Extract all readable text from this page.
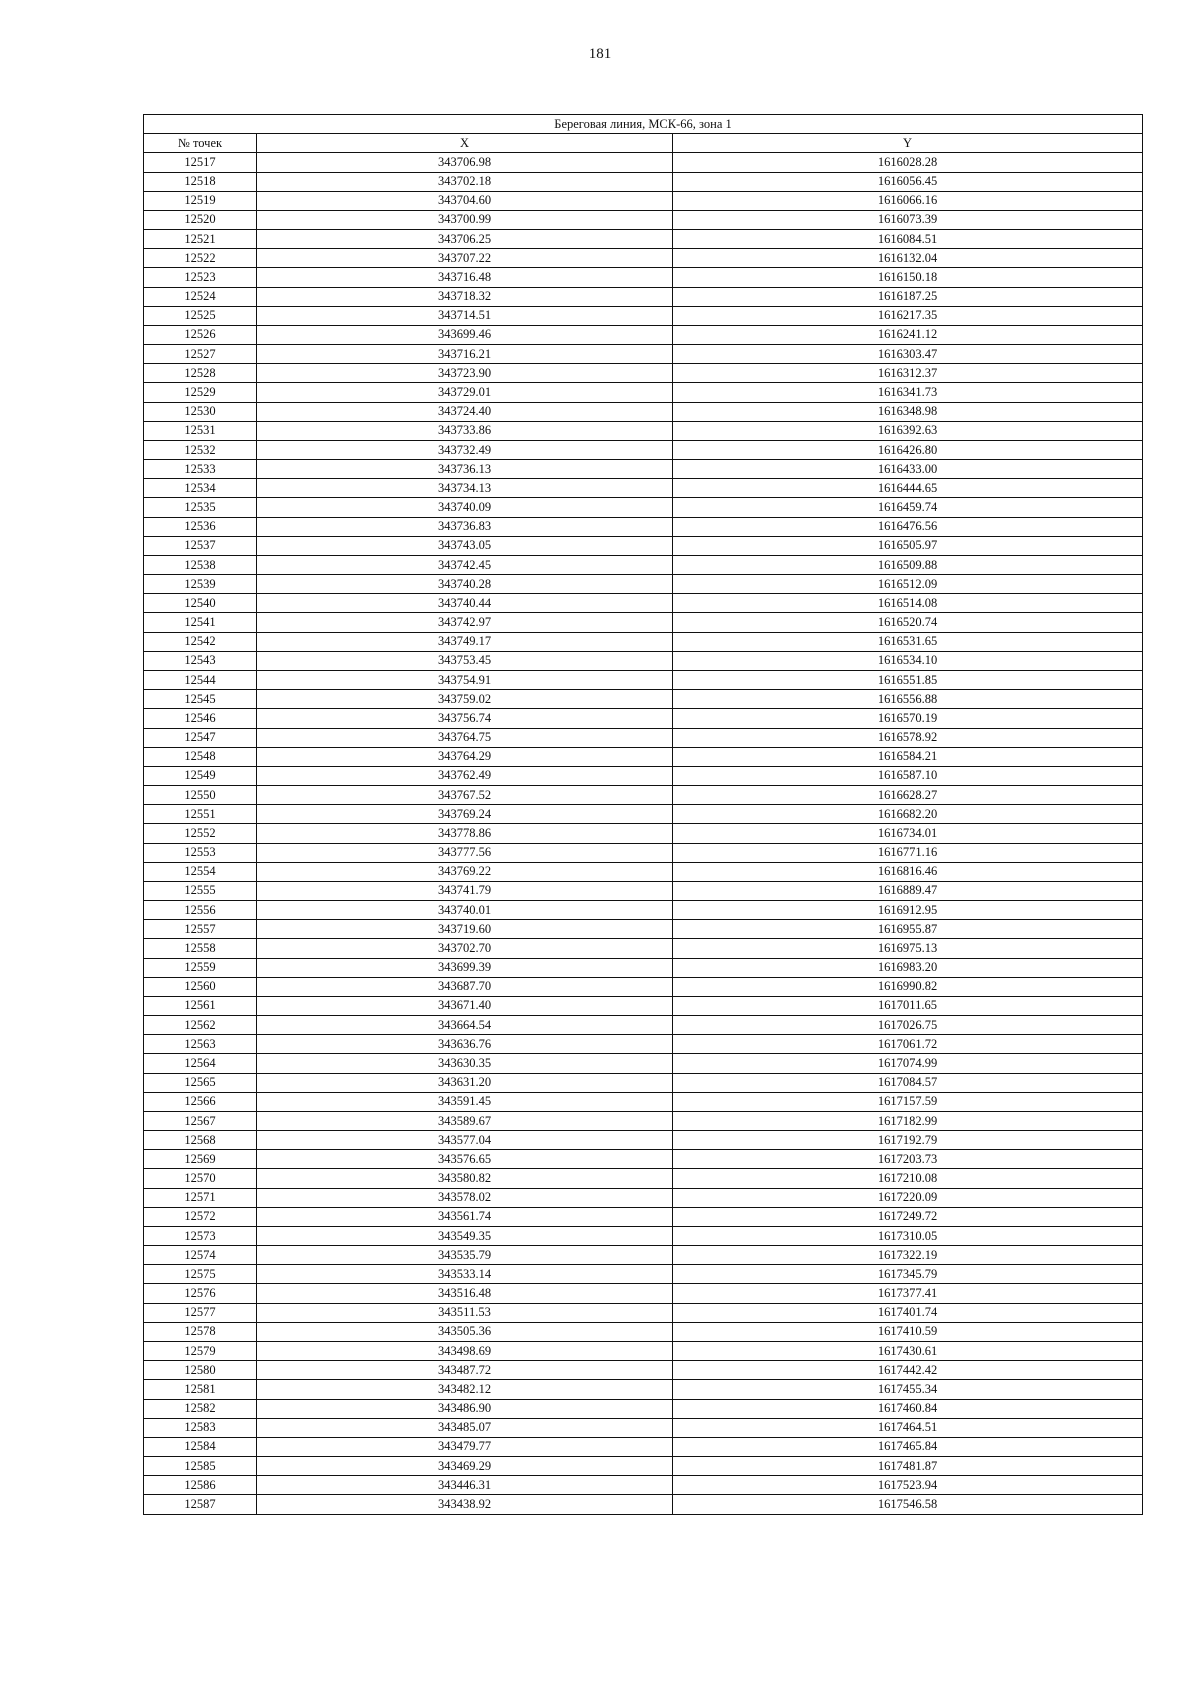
181
Береговая линия, МСК-66, зона 1		
№ точек	X	Y
12517	343706.98	1616028.28
12518	343702.18	1616056.45
12519	343704.60	1616066.16
12520	343700.99	1616073.39
12521	343706.25	1616084.51
12522	343707.22	1616132.04
12523	343716.48	1616150.18
12524	343718.32	1616187.25
12525	343714.51	1616217.35
12526	343699.46	1616241.12
12527	343716.21	1616303.47
12528	343723.90	1616312.37
12529	343729.01	1616341.73
12530	343724.40	1616348.98
12531	343733.86	1616392.63
12532	343732.49	1616426.80
12533	343736.13	1616433.00
12534	343734.13	1616444.65
12535	343740.09	1616459.74
12536	343736.83	1616476.56
12537	343743.05	1616505.97
12538	343742.45	1616509.88
12539	343740.28	1616512.09
12540	343740.44	1616514.08
12541	343742.97	1616520.74
12542	343749.17	1616531.65
12543	343753.45	1616534.10
12544	343754.91	1616551.85
12545	343759.02	1616556.88
12546	343756.74	1616570.19
12547	343764.75	1616578.92
12548	343764.29	1616584.21
12549	343762.49	1616587.10
12550	343767.52	1616628.27
12551	343769.24	1616682.20
12552	343778.86	1616734.01
12553	343777.56	1616771.16
12554	343769.22	1616816.46
12555	343741.79	1616889.47
12556	343740.01	1616912.95
12557	343719.60	1616955.87
12558	343702.70	1616975.13
12559	343699.39	1616983.20
12560	343687.70	1616990.82
12561	343671.40	1617011.65
12562	343664.54	1617026.75
12563	343636.76	1617061.72
12564	343630.35	1617074.99
12565	343631.20	1617084.57
12566	343591.45	1617157.59
12567	343589.67	1617182.99
12568	343577.04	1617192.79
12569	343576.65	1617203.73
12570	343580.82	1617210.08
12571	343578.02	1617220.09
12572	343561.74	1617249.72
12573	343549.35	1617310.05
12574	343535.79	1617322.19
12575	343533.14	1617345.79
12576	343516.48	1617377.41
12577	343511.53	1617401.74
12578	343505.36	1617410.59
12579	343498.69	1617430.61
12580	343487.72	1617442.42
12581	343482.12	1617455.34
12582	343486.90	1617460.84
12583	343485.07	1617464.51
12584	343479.77	1617465.84
12585	343469.29	1617481.87
12586	343446.31	1617523.94
12587	343438.92	1617546.58
